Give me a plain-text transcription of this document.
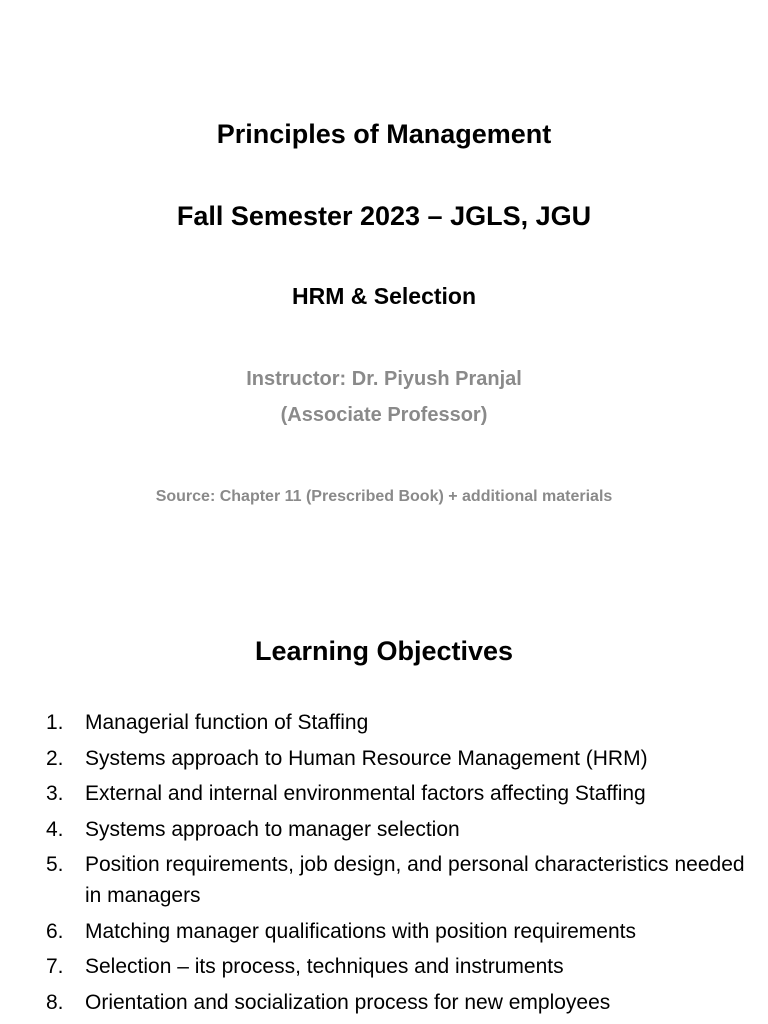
Principles of Management
Fall Semester 2023 – JGLS, JGU
HRM & Selection
Instructor: Dr. Piyush Pranjal
(Associate Professor)
Source: Chapter 11 (Prescribed Book) + additional materials
Learning Objectives
1. Managerial function of Staffing
2. Systems approach to Human Resource Management (HRM)
3. External and internal environmental factors affecting Staffing
4. Systems approach to manager selection
5. Position requirements, job design, and personal characteristics needed in managers
6. Matching manager qualifications with position requirements
7. Selection – its process, techniques and instruments
8. Orientation and socialization process for new employees
